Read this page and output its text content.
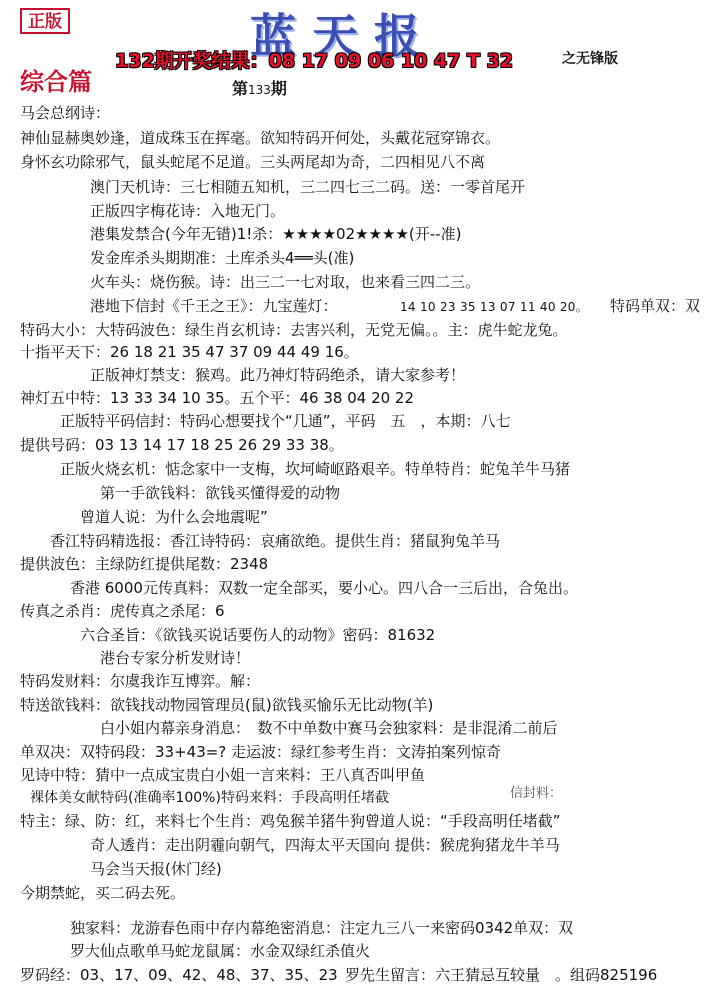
正版	蓝天报
132期开奖结果：08 17 09 06 10 47 T 32	之无锋版
综合篇	第133期
马会总纲诗：
神仙显赫奥妙逢，道成珠玉在挥毫。欲知特码开何处，头戴花冠穿锦衣。
身怀玄功除邪气，鼠头蛇尾不足道。三头两尾却为奇，二四相见八不离
澳门天机诗：三七相随五知机，三二四七三二码。送：一零首尾开
正版四字梅花诗：入地无门。
港集发禁合(今年无错)1!杀：★★★★02★★★★(开--准)
发金库杀头期期准：土库杀头4══头(准)
火车头：烧伤猴。诗：出三二一七对取，也来看三四二三。
港地下信封《千王之王》：九宝莲灯：	14 10 23 35 13 07 11 40 20。 特码单双：双
特码大小：大特码波色：绿生肖玄机诗：去害兴利，无党无偏。。主：虎牛蛇龙兔。
十指平天下：26 18 21 35 47 37 09 44 49 16。
正版神灯禁支：猴鸡。此乃神灯特码绝杀，请大家参考！
神灯五中特：13 33 34 10 35。五个平：46 38 04 20 22
正版特平码信封：特码心想要找个“几通”，平码　五　，本期：八七
提供号码：03 13 14 17 18 25 26 29 33 38。
正版火烧玄机：惦念家中一支梅，坎坷崎岖路艰辛。特单特肖：蛇兔羊牛马猪
第一手欲钱料：欲钱买懂得爱的动物
曾道人说：为什么会地震呢”
香江特码精选报：香江诗特码：哀痛欲绝。提供生肖：猪鼠狗兔羊马
提供波色：主绿防红提供尾数：2348
香港 6000元传真料：双数一定全部买，要小心。四八合一三后出，合兔出。
传真之杀肖：虎传真之杀尾：6
六合圣旨：《欲钱买说话要伤人的动物》密码：81632
港台专家分析发财诗！
特码发财料：尔虞我诈互博弈。解：
特送欲钱料：欲钱找动物园管理员(鼠)欲钱买愉乐无比动物(羊)
白小姐内幕亲身消息：　数不中单数中赛马会独家料：是非混淆二前后
单双决：双特码段：33+43=? 走运波：绿红参考生肖：文涛拍案列惊奇
见诗中特：猜中一点成宝贵白小姐一言来料：王八真否叫甲鱼
裸体美女献特码(准确率100%)特码来料：手段高明任堵截
特主：绿、防：红，来料七个生肖：鸡兔猴羊猪牛狗曾道人说：“手段高明任堵截”
奇人透肖：走出阴霾向朝气，四海太平天国向 提供：猴虎狗猪龙牛羊马
马会当天报(休门经)
今期禁蛇，买二码去死。
独家料：龙游春色雨中存内幕绝密消息：注定九三八一来密码0342单双：双
罗大仙点歌单马蛇龙鼠属：水金双绿红杀值火
罗码经：03、17、09、42、48、37、35、23 罗先生留言：六王猜忌互较量　。组码825196
信封料：
